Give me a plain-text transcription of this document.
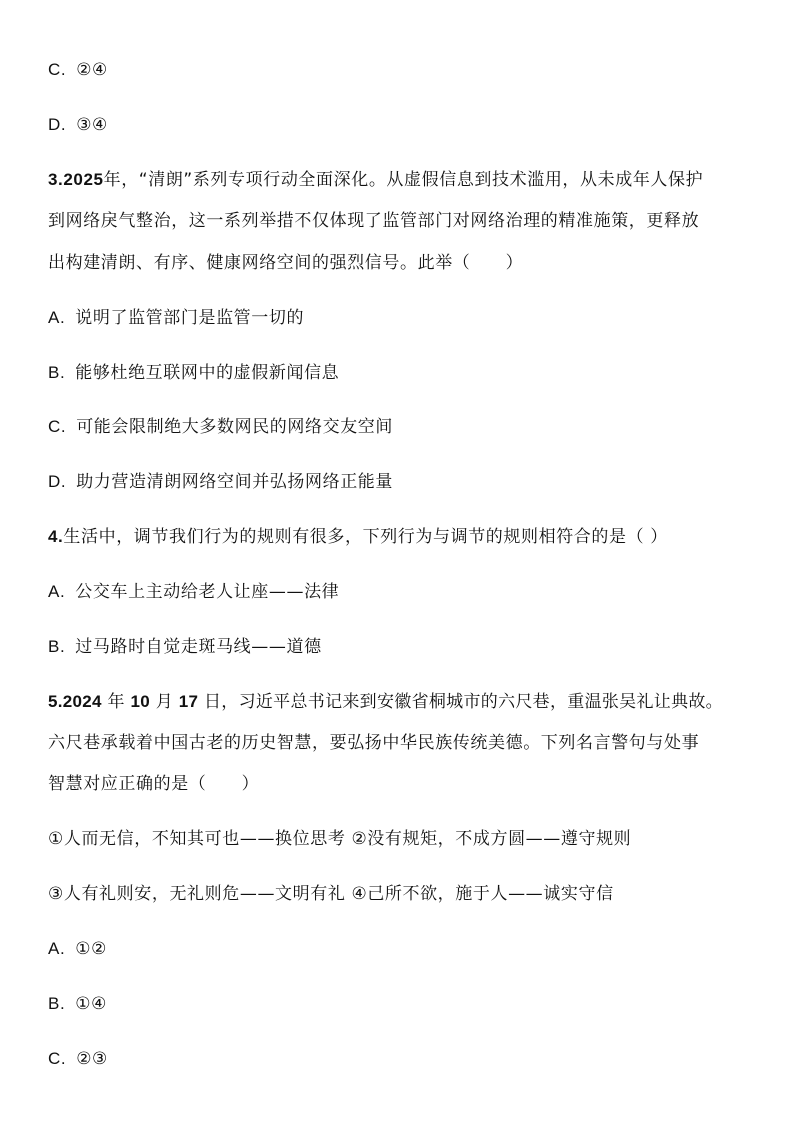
C. ②④
D. ③④
3.2025年，“清朗”系列专项行动全面深化。从虚假信息到技术滥用，从未成年人保护
到网络戾气整治，这一系列举措不仅体现了监管部门对网络治理的精准施策，更释放
出构建清朗、有序、健康网络空间的强烈信号。此举（　　）
A. 说明了监管部门是监管一切的
B. 能够杜绝互联网中的虚假新闻信息
C. 可能会限制绝大多数网民的网络交友空间
D. 助力营造清朗网络空间并弘扬网络正能量
4.生活中，调节我们行为的规则有很多，下列行为与调节的规则相符合的是（ ）
A. 公交车上主动给老人让座——法律
B. 过马路时自觉走斑马线——道德
5.2024 年 10 月 17 日，习近平总书记来到安徽省桐城市的六尺巷，重温张吴礼让典故。
六尺巷承载着中国古老的历史智慧，要弘扬中华民族传统美德。下列名言警句与处事
智慧对应正确的是（　　）
①人而无信，不知其可也——换位思考 ②没有规矩，不成方圆——遵守规则
③人有礼则安，无礼则危——文明有礼 ④己所不欲，施于人——诚实守信
A. ①②
B. ①④
C. ②③
